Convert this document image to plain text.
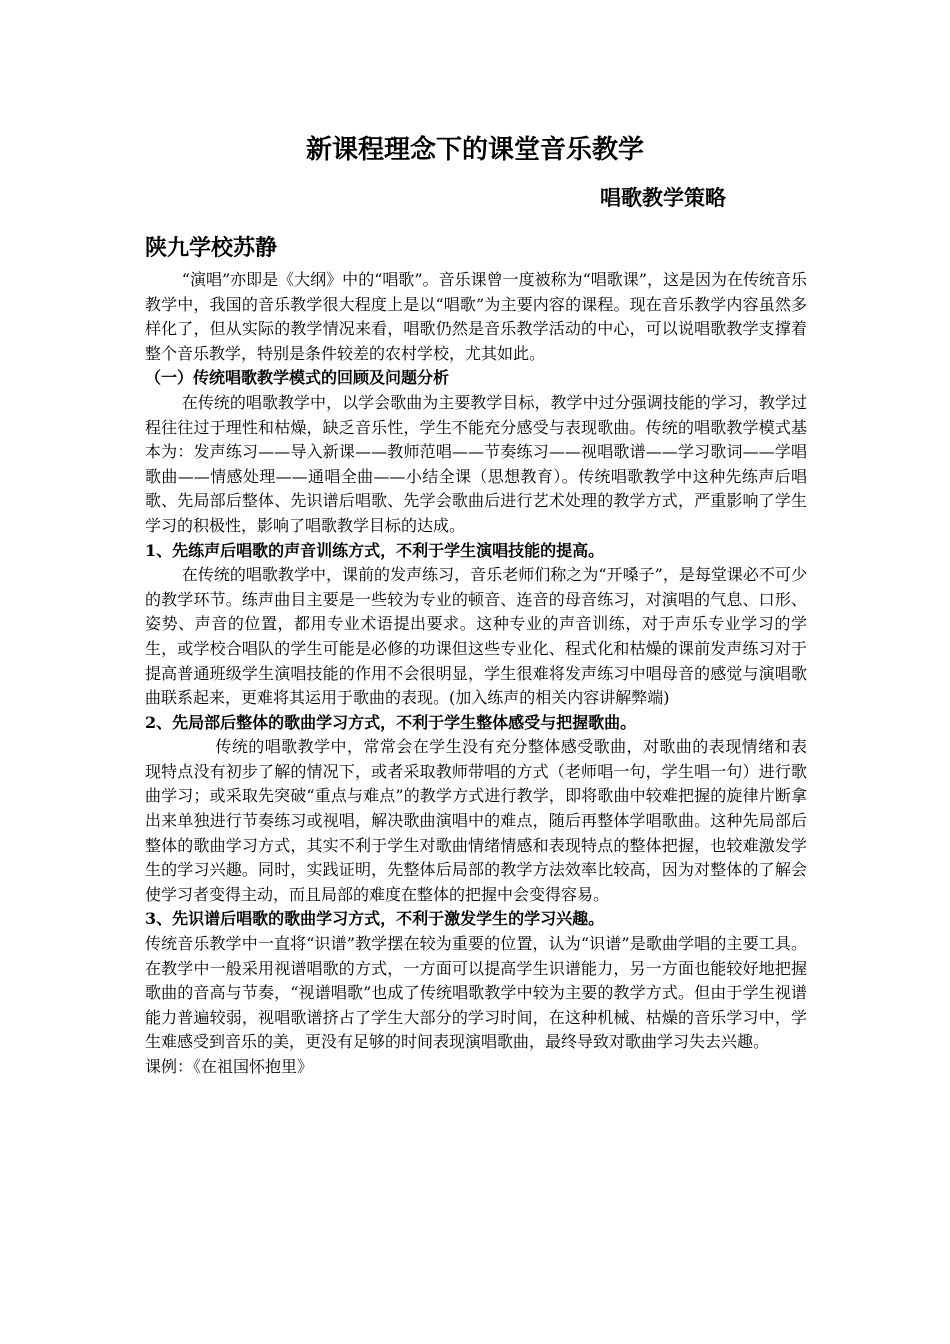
新课程理念下的课堂音乐教学
唱歌教学策略
陕九学校苏静

“演唱”亦即是《大纲》中的“唱歌”。音乐课曾一度被称为“唱歌课”，这是因为在传统音乐教学中，我国的音乐教学很大程度上是以“唱歌”为主要内容的课程。现在音乐教学内容虽然多样化了，但从实际的教学情况来看，唱歌仍然是音乐教学活动的中心，可以说唱歌教学支撑着整个音乐教学，特别是条件较差的农村学校，尤其如此。

（一）传统唱歌教学模式的回顾及问题分析

在传统的唱歌教学中，以学会歌曲为主要教学目标，教学中过分强调技能的学习，教学过程往往过于理性和枯燥，缺乏音乐性，学生不能充分感受与表现歌曲。传统的唱歌教学模式基本为：发声练习——导入新课——教师范唱——节奏练习——视唱歌谱——学习歌词——学唱歌曲——情感处理——通唱全曲——小结全课（思想教育）。传统唱歌教学中这种先练声后唱歌、先局部后整体、先识谱后唱歌、先学会歌曲后进行艺术处理的教学方式，严重影响了学生学习的积极性，影响了唱歌教学目标的达成。

1、先练声后唱歌的声音训练方式，不利于学生演唱技能的提高。

在传统的唱歌教学中，课前的发声练习，音乐老师们称之为“开嗓子”，是每堂课必不可少的教学环节。练声曲目主要是一些较为专业的顿音、连音的母音练习，对演唱的气息、口形、姿势、声音的位置，都用专业术语提出要求。这种专业的声音训练，对于声乐专业学习的学生，或学校合唱队的学生可能是必修的功课但这些专业化、程式化和枯燥的课前发声练习对于提高普通班级学生演唱技能的作用不会很明显，学生很难将发声练习中唱母音的感觉与演唱歌曲联系起来，更难将其运用于歌曲的表现。(加入练声的相关内容讲解弊端)

2、先局部后整体的歌曲学习方式，不利于学生整体感受与把握歌曲。

传统的唱歌教学中，常常会在学生没有充分整体感受歌曲，对歌曲的表现情绪和表现特点没有初步了解的情况下，或者采取教师带唱的方式（老师唱一句，学生唱一句）进行歌曲学习；或采取先突破“重点与难点”的教学方式进行教学，即将歌曲中较难把握的旋律片断拿出来单独进行节奏练习或视唱，解决歌曲演唱中的难点，随后再整体学唱歌曲。这种先局部后整体的歌曲学习方式，其实不利于学生对歌曲情绪情感和表现特点的整体把握，也较难激发学生的学习兴趣。同时，实践证明，先整体后局部的教学方法效率比较高，因为对整体的了解会使学习者变得主动，而且局部的难度在整体的把握中会变得容易。

3、先识谱后唱歌的歌曲学习方式，不利于激发学生的学习兴趣。

传统音乐教学中一直将“识谱”教学摆在较为重要的位置，认为“识谱”是歌曲学唱的主要工具。在教学中一般采用视谱唱歌的方式，一方面可以提高学生识谱能力，另一方面也能较好地把握歌曲的音高与节奏，“视谱唱歌”也成了传统唱歌教学中较为主要的教学方式。但由于学生视谱能力普遍较弱，视唱歌谱挤占了学生大部分的学习时间，在这种机械、枯燥的音乐学习中，学生难感受到音乐的美，更没有足够的时间表现演唱歌曲，最终导致对歌曲学习失去兴趣。

课例：《在祖国怀抱里》
